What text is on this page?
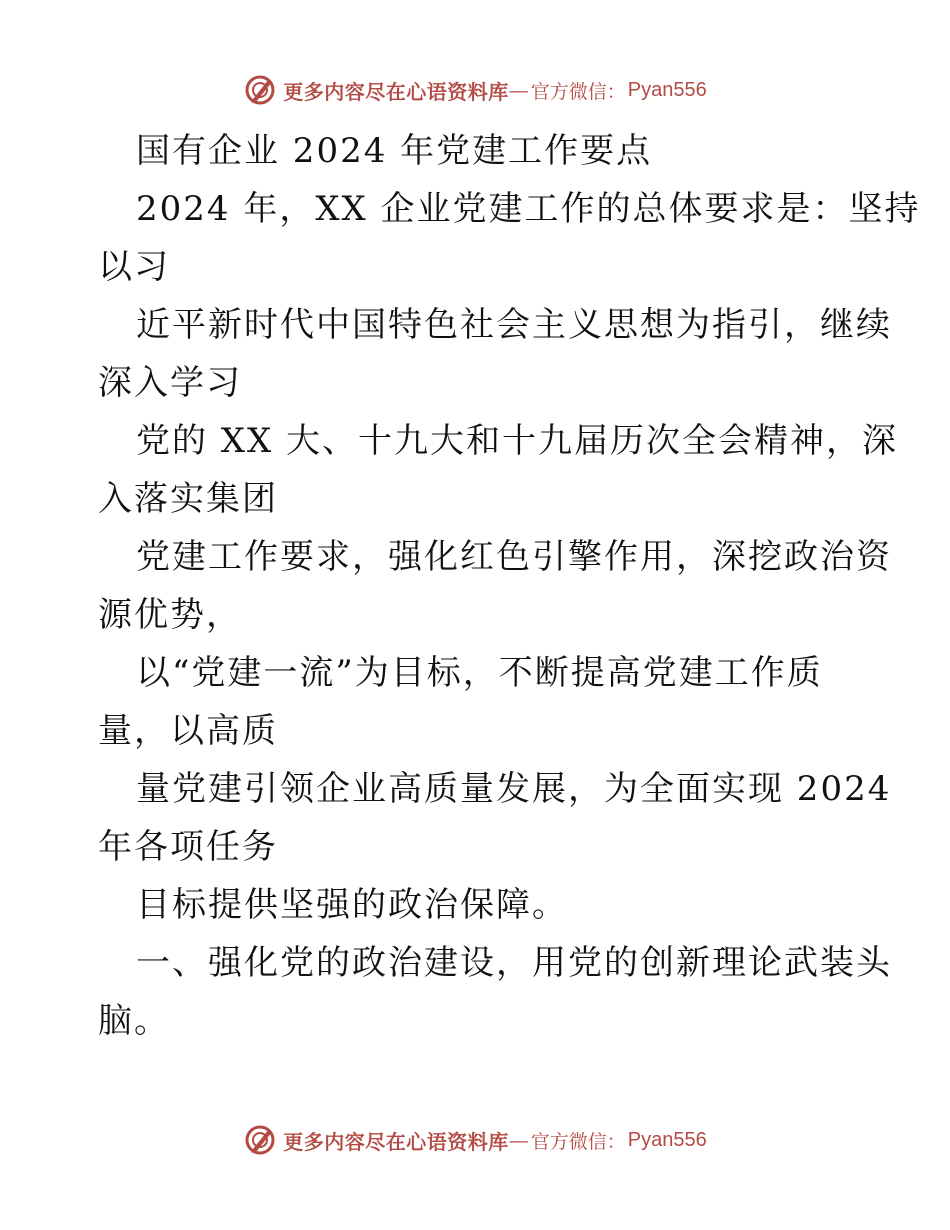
更多内容尽在心语资料库 — 官方微信： Pyan556
国有企业 2024 年党建工作要点
2024 年，XX 企业党建工作的总体要求是：坚持
以习
近平新时代中国特色社会主义思想为指引，继续
深入学习
党的 XX 大、十九大和十九届历次全会精神，深
入落实集团
党建工作要求，强化红色引擎作用，深挖政治资
源优势，
以“党建一流”为目标，不断提高党建工作质
量，以高质
量党建引领企业高质量发展，为全面实现 2024
年各项任务
目标提供坚强的政治保障。
一、强化党的政治建设，用党的创新理论武装头
脑。
更多内容尽在心语资料库 — 官方微信： Pyan556
